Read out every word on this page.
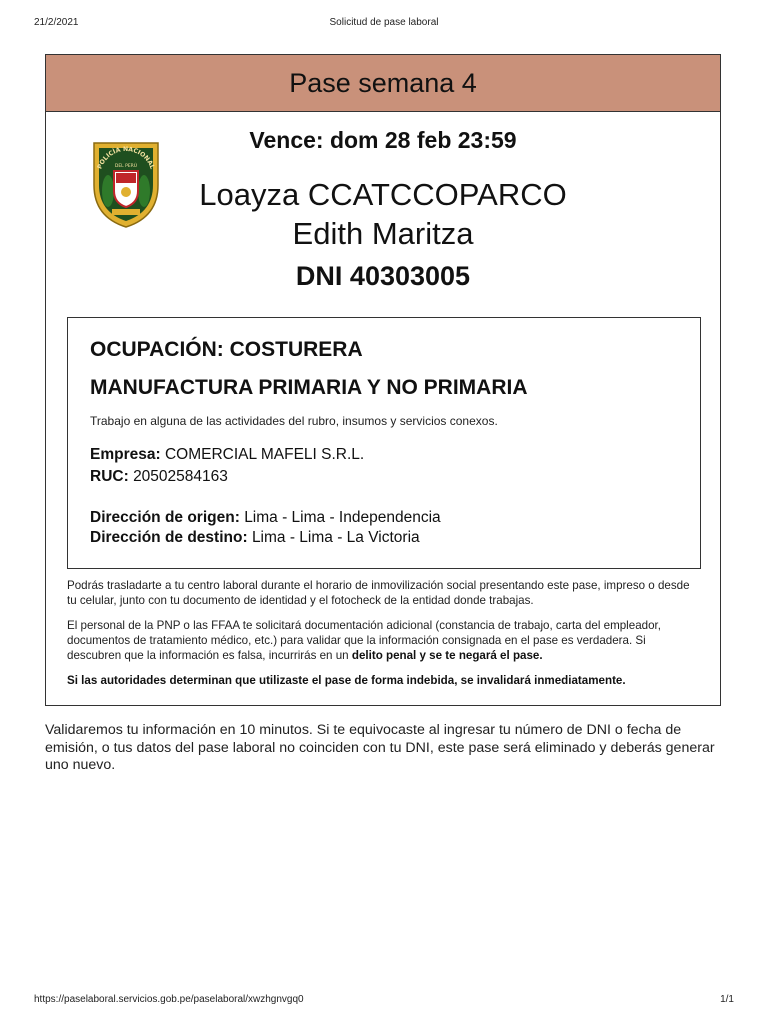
21/2/2021	Solicitud de pase laboral
Pase semana 4
POLICÍA NACIONAL
DEL PERÚ
Vence: dom 28 feb 23:59
Loayza CCATCCOPARCO
Edith Maritza
DNI 40303005
OCUPACIÓN: COSTURERA
MANUFACTURA PRIMARIA Y NO PRIMARIA
Trabajo en alguna de las actividades del rubro, insumos y servicios conexos.
Empresa: COMERCIAL MAFELI S.R.L.
RUC: 20502584163
Dirección de origen: Lima - Lima - Independencia
Dirección de destino: Lima - Lima - La Victoria

Podrás trasladarte a tu centro laboral durante el horario de inmovilización social presentando este pase, impreso o desde tu celular, junto con tu documento de identidad y el fotocheck de la entidad donde trabajas.

El personal de la PNP o las FFAA te solicitará documentación adicional (constancia de trabajo, carta del empleador, documentos de tratamiento médico, etc.) para validar que la información consignada en el pase es verdadera. Si descubren que la información es falsa, incurrirás en un delito penal y se te negará el pase.

Si las autoridades determinan que utilizaste el pase de forma indebida, se invalidará inmediatamente.

Validaremos tu información en 10 minutos. Si te equivocaste al ingresar tu número de DNI o fecha de emisión, o tus datos del pase laboral no coinciden con tu DNI, este pase será eliminado y deberás generar uno nuevo.
https://paselaboral.servicios.gob.pe/paselaboral/xwzhgnvgq0	1/1
